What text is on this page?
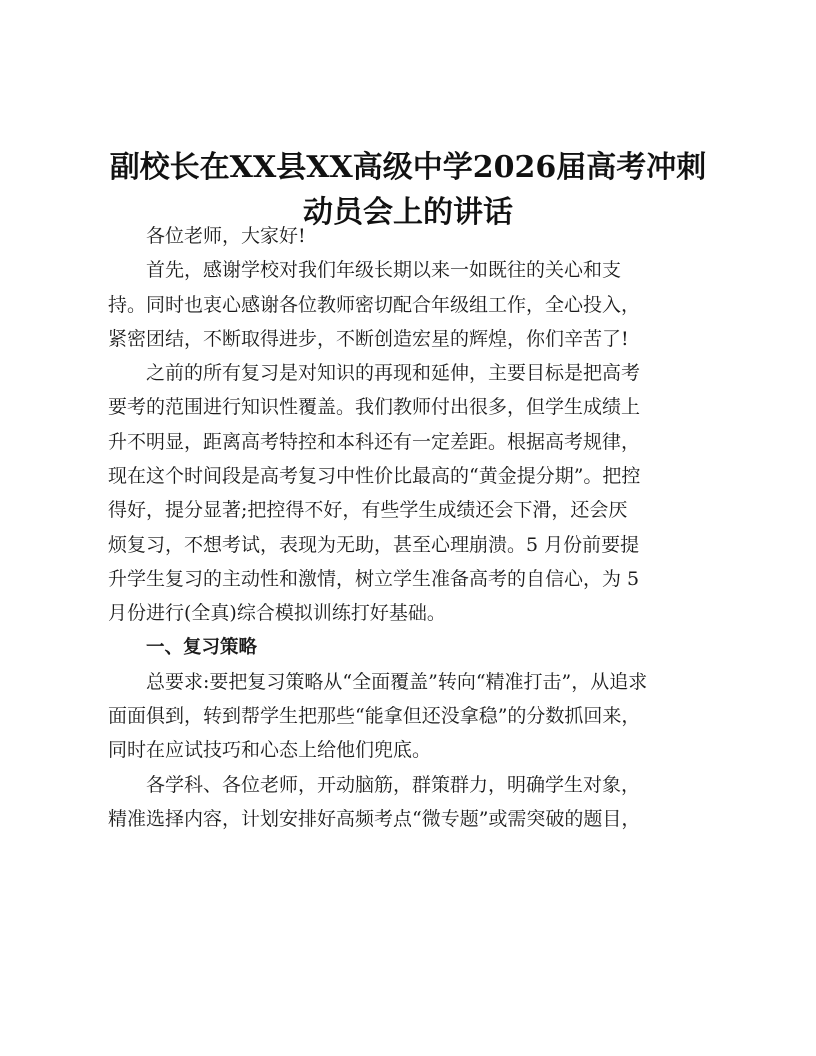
副校长在XX县XX高级中学2026届高考冲刺
动员会上的讲话

各位老师，大家好!

首先，感谢学校对我们年级长期以来一如既往的关心和支
持。同时也衷心感谢各位教师密切配合年级组工作，全心投入，
紧密团结，不断取得进步，不断创造宏星的辉煌，你们辛苦了!
之前的所有复习是对知识的再现和延伸，主要目标是把高考
要考的范围进行知识性覆盖。我们教师付出很多，但学生成绩上
升不明显，距离高考特控和本科还有一定差距。根据高考规律，
现在这个时间段是高考复习中性价比最高的“黄金提分期”。把控
得好，提分显著;把控得不好，有些学生成绩还会下滑，还会厌
烦复习，不想考试，表现为无助，甚至心理崩溃。5 月份前要提
升学生复习的主动性和激情，树立学生准备高考的自信心，为 5
月份进行(全真)综合模拟训练打好基础。
一、复习策略
总要求:要把复习策略从“全面覆盖”转向“精准打击”，从追求
面面俱到，转到帮学生把那些“能拿但还没拿稳”的分数抓回来，
同时在应试技巧和心态上给他们兜底。
各学科、各位老师，开动脑筋，群策群力，明确学生对象，
精准选择内容，计划安排好高频考点“微专题”或需突破的题目，
